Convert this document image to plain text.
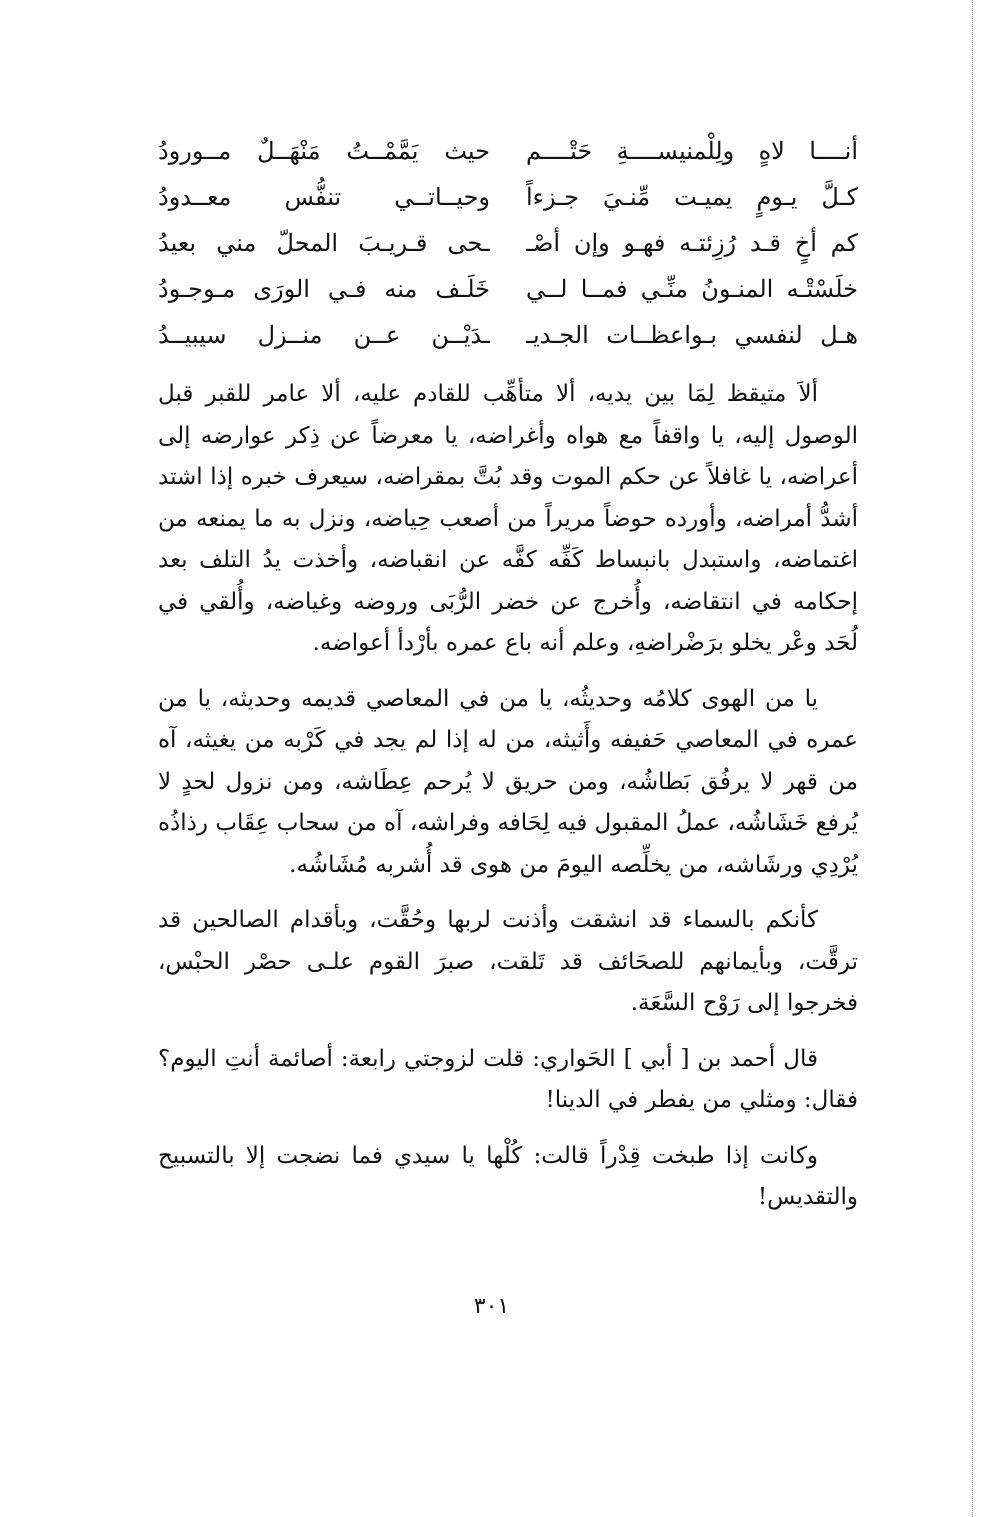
أنــــا لاهٍ ولِلْمنيســــةِ حَتْــــم
حيث يَمَّمْــتُ مَنْهَــلٌ مــورودُ
كـلَّ يـومٍ يميـت مِّنـيَ جـزءاً
وحيــاتــي تنفُّس معــدودُ
كم أخٍ قـد رُزِئتـه فهـو وإن أصْـ
ـحى قـريـبَ المحلّ مني بعيدُ
خلَسْتْـه المنـونُ منِّـي فمــا لــي
خَلَـف منه فـي الورَى مـوجـودُ
هـل لنفسي بـواعظــات الجـديـ
ـدَيْــن عــن منــزل سيبيــدُ

ألاَ متيقظ لِمَا بين يديه، ألا متأهِّب للقادم عليه، ألا عامر للقبر قبل الوصول إليه، يا واقفاً مع هواه وأغراضه، يا معرضاً عن ذِكر عوارضه إلى أعراضه، يا غافلاً عن حكم الموت وقد بُتَّ بمقراضه، سيعرف خبره إذا اشتد أشدُّ أمراضه، وأورده حوضاً مريراً من أصعب حِياضه، ونزل به ما يمنعه من اغتماضه، واستبدل بانبساط كَفِّه كفَّه عن انقباضه، وأخذت يدُ التلف بعد إحكامه في انتقاضه، وأُخرج عن خضر الرُّبَى وروضه وغياضه، وأُلقي في لُحَد وعْر يخلو برَضْراضهِ، وعلم أنه باع عمره بأرْدأ أعواضه.

يا من الهوى كلامُه وحديثُه، يا من في المعاصي قديمه وحديثه، يا من عمره في المعاصي حَفيفه وأَثيثه، من له إذا لم يجد في كَرْبه من يغيثه، آه من قهر لا يرفُق بَطاشُه، ومن حريق لا يُرحم عِطَاشه، ومن نزول لحدٍ لا يُرفع خَشَاشُه، عملُ المقبول فيه لِحَافه وفراشه، آه من سحاب عِقَاب رذاذُه يُرْدِي ورشَاشه، من يخلِّصه اليومَ من هوى قد أُشربه مُشَاشُه.

كأنكم بالسماء قد انشقت وأذنت لربها وحُقَّت، وبأقدام الصالحين قد ترقَّت، وبأيمانهم للصحَائف قد تَلقت، صبرَ القوم علـى حصْر الحبْس، فخرجوا إلى رَوْح السَّعَة.

قال أحمد بن [ أبي ] الحَواري: قلت لزوجتي رابعة: أصائمة أنتِ اليوم؟ فقال: ومثلي من يفطر في الدينا!

وكانت إذا طبخت قِدْراً قالت: كُلْها يا سيدي فما نضجت إلا بالتسبيح والتقديس!

٣٠١
